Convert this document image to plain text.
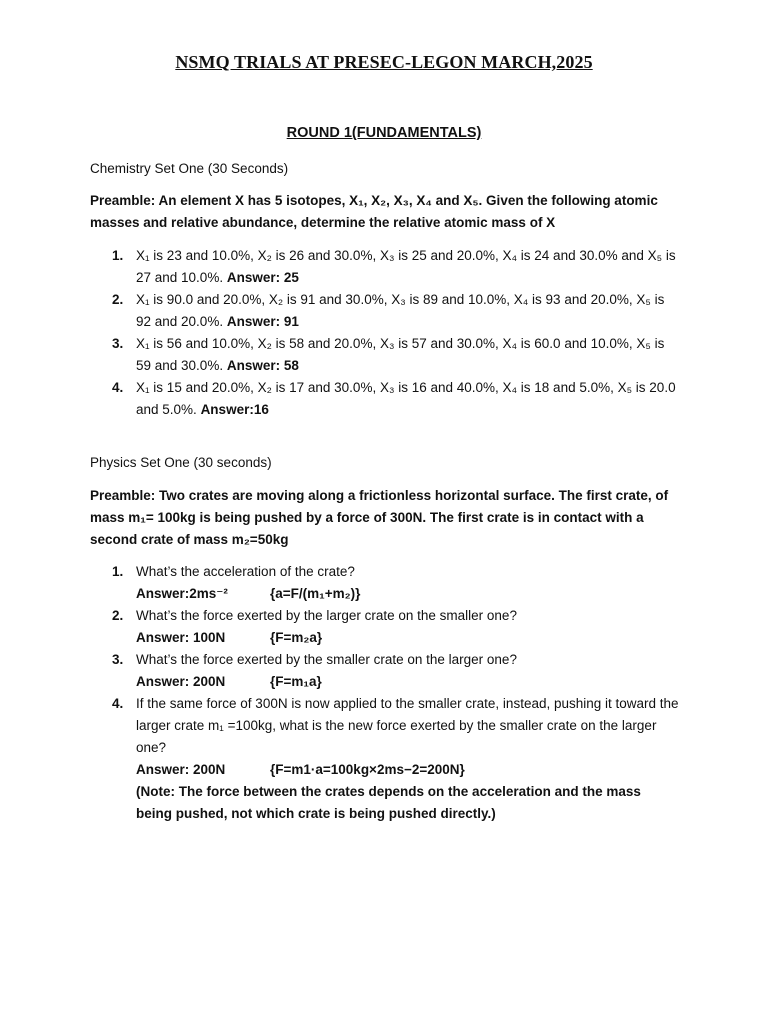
NSMQ TRIALS AT PRESEC-LEGON MARCH,2025
ROUND 1(FUNDAMENTALS)
Chemistry Set One (30 Seconds)
Preamble: An element X has 5 isotopes, X₁, X₂, X₃, X₄ and X₅. Given the following atomic masses and relative abundance, determine the relative atomic mass of X
1. X₁ is 23 and 10.0%, X₂ is 26 and 30.0%, X₃ is 25 and 20.0%, X₄ is 24 and 30.0% and X₅ is 27 and 10.0%. Answer: 25
2. X₁ is 90.0 and 20.0%, X₂ is 91 and 30.0%, X₃ is 89 and 10.0%, X₄ is 93 and 20.0%, X₅ is 92 and 20.0%. Answer: 91
3. X₁ is 56 and 10.0%, X₂ is 58 and 20.0%, X₃ is 57 and 30.0%, X₄ is 60.0 and 10.0%, X₅ is 59 and 30.0%. Answer: 58
4. X₁ is 15 and 20.0%, X₂ is 17 and 30.0%, X₃ is 16 and 40.0%, X₄ is 18 and 5.0%, X₅ is 20.0 and 5.0%. Answer:16
Physics Set One (30 seconds)
Preamble: Two crates are moving along a frictionless horizontal surface. The first crate, of mass m₁= 100kg is being pushed by a force of 300N. The first crate is in contact with a second crate of mass m₂=50kg
1. What’s the acceleration of the crate?
Answer:2ms⁻²	{a=F/(m₁+m₂)}
2. What’s the force exerted by the larger crate on the smaller one?
Answer: 100N	{F=m₂a}
3. What’s the force exerted by the smaller crate on the larger one?
Answer: 200N	{F=m₁a}
4. If the same force of 300N is now applied to the smaller crate, instead, pushing it toward the larger crate m₁ =100kg, what is the new force exerted by the smaller crate on the larger one?
Answer: 200N	{F=m1·a=100kg×2ms−2=200N}
(Note: The force between the crates depends on the acceleration and the mass being pushed, not which crate is being pushed directly.)
